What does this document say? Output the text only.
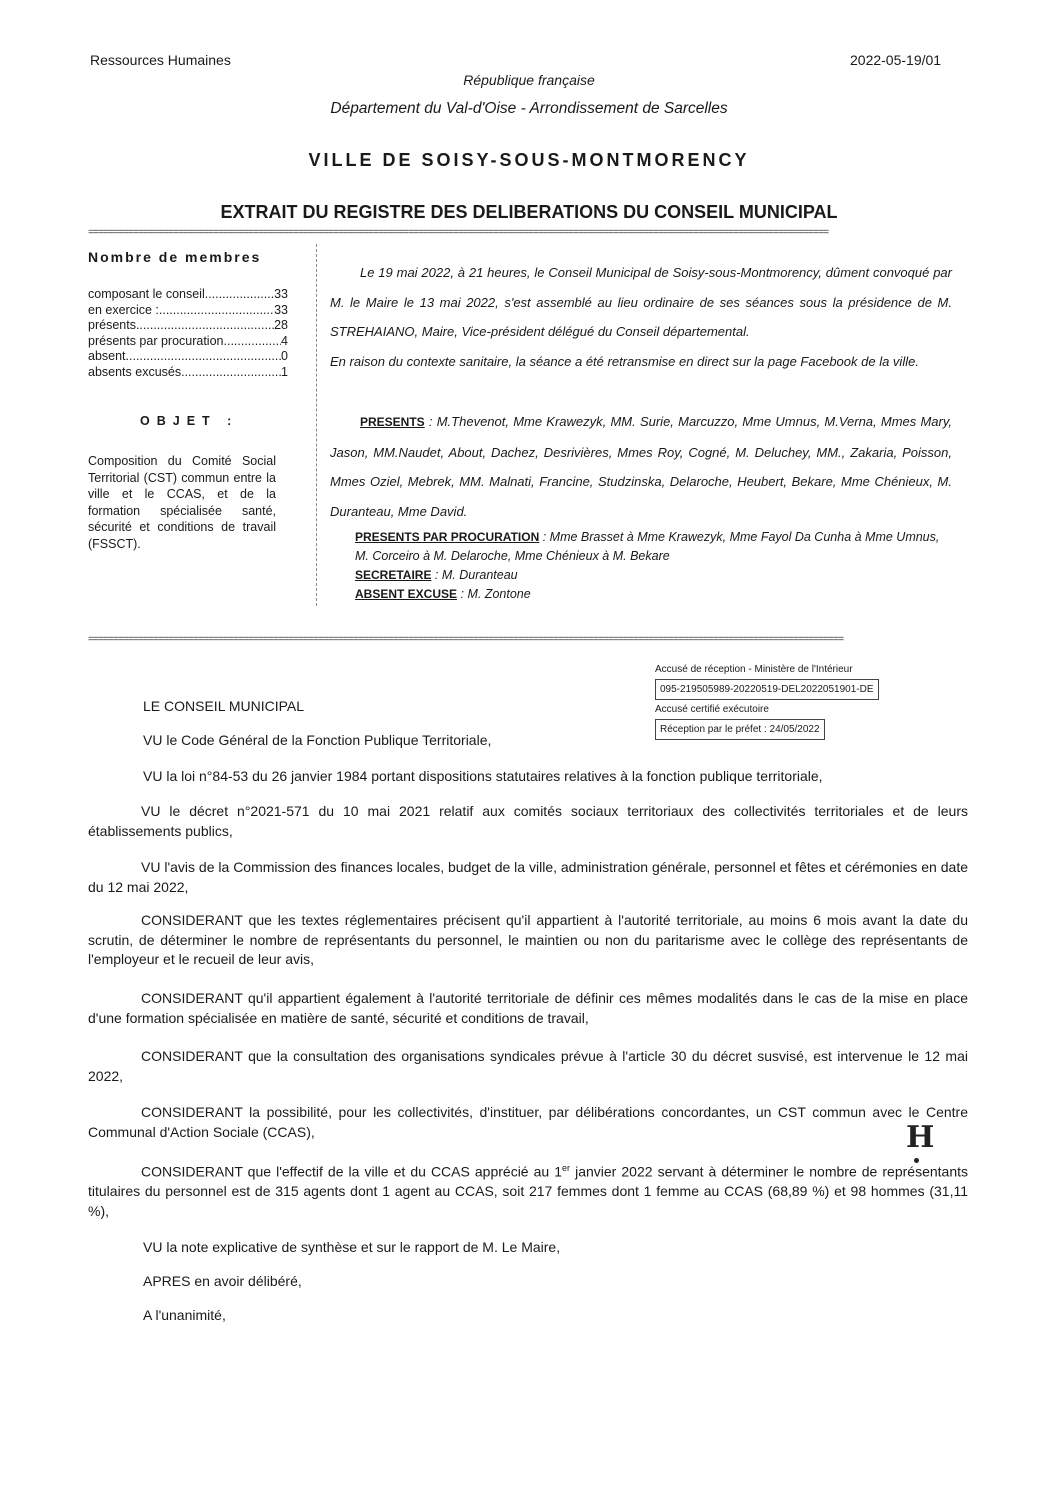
Ressources Humaines	2022-05-19/01
République française
Département du Val-d'Oise - Arrondissement de Sarcelles
VILLE DE SOISY-SOUS-MONTMORENCY
EXTRAIT DU REGISTRE DES DELIBERATIONS DU CONSEIL MUNICIPAL
====================================================================================================================================================
Nombre de membres
composant le conseil .....	33
en exercice : .....	33
présents .....	28
présents par procuration .....	4
absent .....	0
absents excusés .....	1
OBJET :
Composition du Comité Social Territorial (CST) commun entre la ville et le CCAS, et de la formation spécialisée santé, sécurité et conditions de travail (FSSCT).

Le 19 mai 2022, à 21 heures, le Conseil Municipal de Soisy-sous-Montmorency, dûment convoqué par M. le Maire le 13 mai 2022, s'est assemblé au lieu ordinaire de ses séances sous la présidence de M. STREHAIANO, Maire, Vice-président délégué du Conseil départemental.

En raison du contexte sanitaire, la séance a été retransmise en direct sur la page Facebook de la ville.

PRESENTS : M.Thevenot, Mme Krawezyk, MM. Surie, Marcuzzo, Mme Umnus, M.Verna, Mmes Mary, Jason, MM.Naudet, About, Dachez, Desrivières, Mmes Roy, Cogné, M. Deluchey, MM., Zakaria, Poisson, Mmes Oziel, Mebrek, MM. Malnati, Francine, Studzinska, Delaroche, Heubert, Bekare, Mme Chénieux, M. Duranteau, Mme David.
PRESENTS PAR PROCURATION : Mme Brasset à Mme Krawezyk, Mme Fayol Da Cunha à Mme Umnus, M. Corceiro à M. Delaroche, Mme Chénieux à M. Bekare
SECRETAIRE : M. Duranteau
ABSENT EXCUSE : M. Zontone
=======================================================================================================================================================
Accusé de réception - Ministère de l'Intérieur
095-219505989-20220519-DEL2022051901-DE
Accusé certifié exécutoire
Réception par le préfet : 24/05/2022
LE CONSEIL MUNICIPAL
VU le Code Général de la Fonction Publique Territoriale,
VU la loi n°84-53 du 26 janvier 1984 portant dispositions statutaires relatives à la fonction publique territoriale,
VU le décret n°2021-571 du 10 mai 2021 relatif aux comités sociaux territoriaux des collectivités territoriales et de leurs établissements publics,
VU l'avis de la Commission des finances locales, budget de la ville, administration générale, personnel et fêtes et cérémonies en date du 12 mai 2022,
CONSIDERANT que les textes réglementaires précisent qu'il appartient à l'autorité territoriale, au moins 6 mois avant la date du scrutin, de déterminer le nombre de représentants du personnel, le maintien ou non du paritarisme avec le collège des représentants de l'employeur et le recueil de leur avis,
CONSIDERANT qu'il appartient également à l'autorité territoriale de définir ces mêmes modalités dans le cas de la mise en place d'une formation spécialisée en matière de santé, sécurité et conditions de travail,
CONSIDERANT que la consultation des organisations syndicales prévue à l'article 30 du décret susvisé, est intervenue le 12 mai 2022,
CONSIDERANT la possibilité, pour les collectivités, d'instituer, par délibérations concordantes, un CST commun avec le Centre Communal d'Action Sociale (CCAS),
CONSIDERANT que l'effectif de la ville et du CCAS apprécié au 1er janvier 2022 servant à déterminer le nombre de représentants titulaires du personnel est de 315 agents dont 1 agent au CCAS, soit 217 femmes dont 1 femme au CCAS (68,89 %) et 98 hommes (31,11 %),
VU la note explicative de synthèse et sur le rapport de M. Le Maire,
APRES en avoir délibéré,
A l'unanimité,
H
